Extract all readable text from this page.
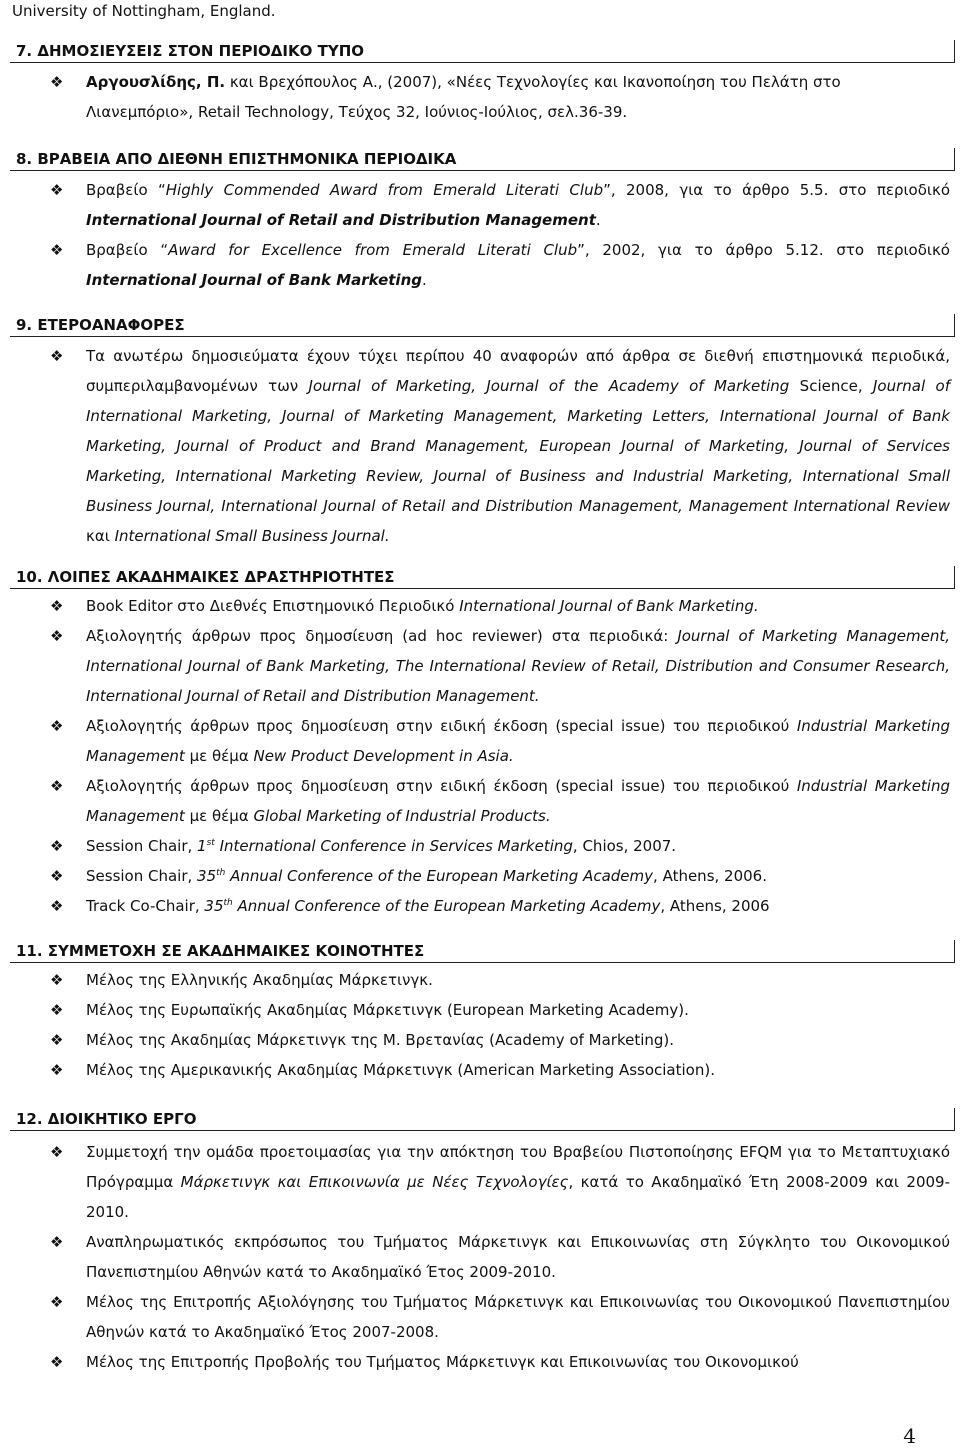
University of Nottingham, England.
7. ΔΗΜΟΣΙΕΥΣΕΙΣ ΣΤΟΝ ΠΕΡΙΟΔΙΚΟ ΤΥΠΟ
❖ Αργουσλίδης, Π. και Βρεχόπουλος Α., (2007), «Νέες Τεχνολογίες και Ικανοποίηση του Πελάτη στο Λιανεμπόριο», Retail Technology, Τεύχος 32, Ιούνιος-Ιούλιος, σελ.36-39.
8. ΒΡΑΒΕΙΑ ΑΠΟ ΔΙΕΘΝΗ ΕΠΙΣΤΗΜΟΝΙΚΑ ΠΕΡΙΟΔΙΚΑ
❖ Βραβείο “Highly Commended Award from Emerald Literati Club”, 2008, για το άρθρο 5.5. στο περιοδικό International Journal of Retail and Distribution Management.
❖ Βραβείο “Award for Excellence from Emerald Literati Club”, 2002, για το άρθρο 5.12. στο περιοδικό International Journal of Bank Marketing.
9. ΕΤΕΡΟΑΝΑΦΟΡΕΣ
❖ Τα ανωτέρω δημοσιεύματα έχουν τύχει περίπου 40 αναφορών από άρθρα σε διεθνή επιστημονικά περιοδικά, συμπεριλαμβανομένων των Journal of Marketing, Journal of the Academy of Marketing Science, Journal of International Marketing, Journal of Marketing Management, Marketing Letters, International Journal of Bank Marketing, Journal of Product and Brand Management, European Journal of Marketing, Journal of Services Marketing, International Marketing Review, Journal of Business and Industrial Marketing, International Small Business Journal, International Journal of Retail and Distribution Management, Management International Review και International Small Business Journal.
10. ΛΟΙΠΕΣ ΑΚΑΔΗΜΑΙΚΕΣ ΔΡΑΣΤΗΡΙΟΤΗΤΕΣ
❖ Book Editor στο Διεθνές Επιστημονικό Περιοδικό International Journal of Bank Marketing.
❖ Αξιολογητής άρθρων προς δημοσίευση (ad hoc reviewer) στα περιοδικά: Journal of Marketing Management, International Journal of Bank Marketing, The International Review of Retail, Distribution and Consumer Research, International Journal of Retail and Distribution Management.
❖ Αξιολογητής άρθρων προς δημοσίευση στην ειδική έκδοση (special issue) του περιοδικού Industrial Marketing Management με θέμα New Product Development in Asia.
❖ Αξιολογητής άρθρων προς δημοσίευση στην ειδική έκδοση (special issue) του περιοδικού Industrial Marketing Management με θέμα Global Marketing of Industrial Products.
❖ Session Chair, 1st International Conference in Services Marketing, Chios, 2007.
❖ Session Chair, 35th Annual Conference of the European Marketing Academy, Athens, 2006.
❖ Track Co-Chair, 35th Annual Conference of the European Marketing Academy, Athens, 2006
11. ΣΥΜΜΕΤΟΧΗ ΣΕ ΑΚΑΔΗΜΑΙΚΕΣ ΚΟΙΝΟΤΗΤΕΣ
❖ Μέλος της Ελληνικής Ακαδημίας Μάρκετινγκ.
❖ Μέλος της Ευρωπαϊκής Ακαδημίας Μάρκετινγκ (European Marketing Academy).
❖ Μέλος της Ακαδημίας Μάρκετινγκ της Μ. Βρετανίας (Academy of Marketing).
❖ Μέλος της Αμερικανικής Ακαδημίας Μάρκετινγκ (American Marketing Association).
12. ΔΙΟΙΚΗΤΙΚΟ ΕΡΓΟ
❖ Συμμετοχή την ομάδα προετοιμασίας για την απόκτηση του Βραβείου Πιστοποίησης EFQM για το Μεταπτυχιακό Πρόγραμμα Μάρκετινγκ και Επικοινωνία με Νέες Τεχνολογίες, κατά το Ακαδημαϊκό Έτη 2008-2009 και 2009-2010.
❖ Αναπληρωματικός εκπρόσωπος του Τμήματος Μάρκετινγκ και Επικοινωνίας στη Σύγκλητο του Οικονομικού Πανεπιστημίου Αθηνών κατά το Ακαδημαϊκό Έτος 2009-2010.
❖ Μέλος της Επιτροπής Αξιολόγησης του Τμήματος Μάρκετινγκ και Επικοινωνίας του Οικονομικού Πανεπιστημίου Αθηνών κατά το Ακαδημαϊκό Έτος 2007-2008.
❖ Μέλος της Επιτροπής Προβολής του Τμήματος Μάρκετινγκ και Επικοινωνίας του Οικονομικού
4
